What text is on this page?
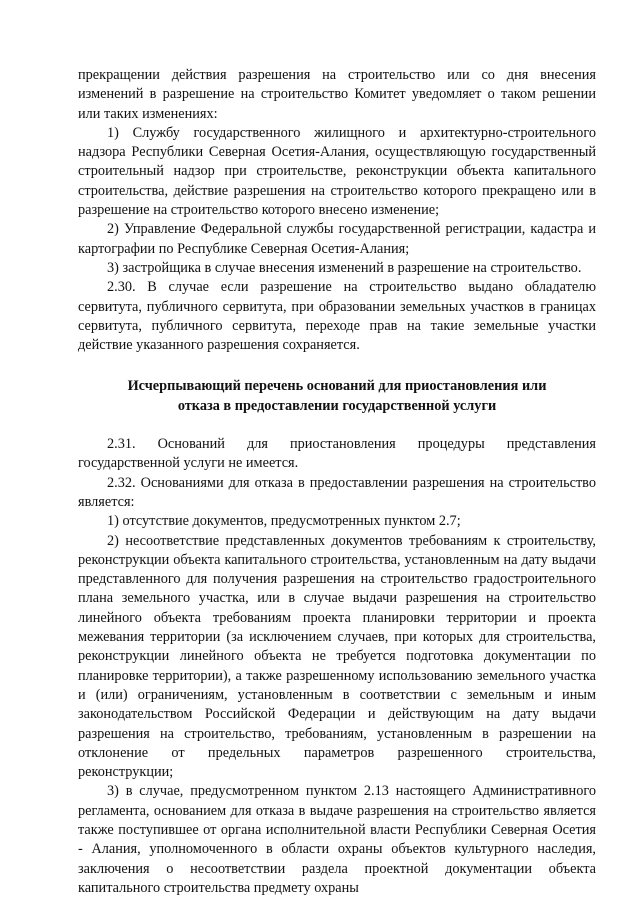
прекращении действия разрешения на строительство или со дня внесения изменений в разрешение на строительство Комитет уведомляет о таком решении или таких изменениях:

1) Службу государственного жилищного и архитектурно-строительного надзора Республики Северная Осетия-Алания, осуществляющую государственный строительный надзор при строительстве, реконструкции объекта капитального строительства, действие разрешения на строительство которого прекращено или в разрешение на строительство которого внесено изменение;

2) Управление Федеральной службы государственной регистрации, кадастра и картографии по Республике Северная Осетия-Алания;

3) застройщика в случае внесения изменений в разрешение на строительство.

2.30. В случае если разрешение на строительство выдано обладателю сервитута, публичного сервитута, при образовании земельных участков в границах сервитута, публичного сервитута, переходе прав на такие земельные участки действие указанного разрешения сохраняется.

Исчерпывающий перечень оснований для приостановления или
отказа в предоставлении государственной услуги

2.31. Оснований для приостановления процедуры представления государственной услуги не имеется.

2.32. Основаниями для отказа в предоставлении разрешения на строительство является:

1) отсутствие документов, предусмотренных пунктом 2.7;

2) несоответствие представленных документов требованиям к строительству, реконструкции объекта капитального строительства, установленным на дату выдачи представленного для получения разрешения на строительство градостроительного плана земельного участка, или в случае выдачи разрешения на строительство линейного объекта требованиям проекта планировки территории и проекта межевания территории (за исключением случаев, при которых для строительства, реконструкции линейного объекта не требуется подготовка документации по планировке территории), а также разрешенному использованию земельного участка и (или) ограничениям, установленным в соответствии с земельным и иным законодательством Российской Федерации и действующим на дату выдачи разрешения на строительство, требованиям, установленным в разрешении на отклонение от предельных параметров разрешенного строительства, реконструкции;

3) в случае, предусмотренном пунктом 2.13 настоящего Административного регламента, основанием для отказа в выдаче разрешения на строительство является также поступившее от органа исполнительной власти Республики Северная Осетия - Алания, уполномоченного в области охраны объектов культурного наследия, заключения о несоответствии раздела проектной документации объекта капитального строительства предмету охраны
